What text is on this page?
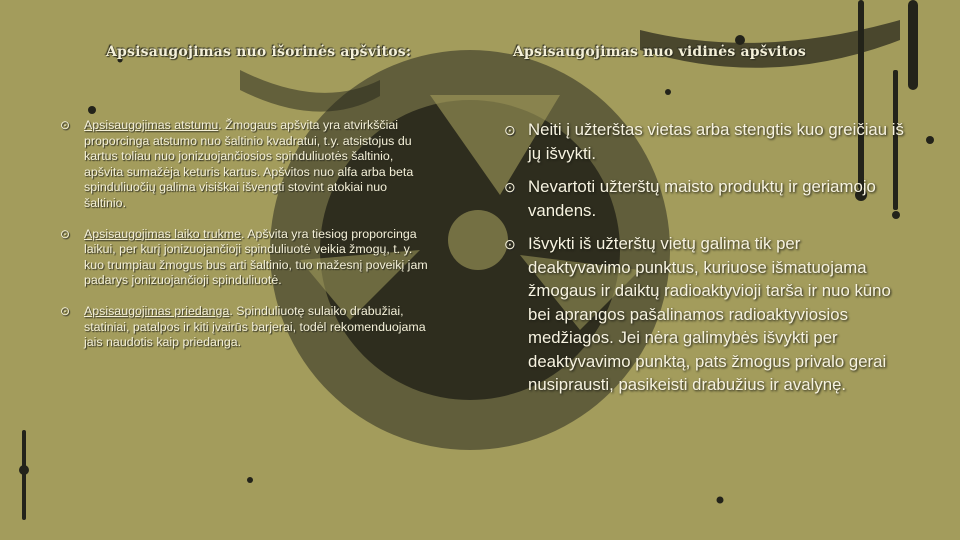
Apsisaugojimas nuo išorinės apšvitos:	Apsisaugojimas nuo vidinės apšvitos
⊙ Apsisaugojimas atstumu. Žmogaus apšvita yra atvirkščiai proporcinga atstumo nuo šaltinio kvadratui, t.y. atsistojus du kartus toliau nuo jonizuojančiosios spinduliuotės šaltinio, apšvita sumažėja keturis kartus. Apšvitos nuo alfa arba beta spinduliuočių galima visiškai išvengti stovint atokiai nuo šaltinio.
⊙ Apsisaugojimas laiko trukme. Apšvita yra tiesiog proporcinga laikui, per kurį jonizuojančioji spinduliuotė veikia žmogų, t. y. kuo trumpiau žmogus bus arti šaltinio, tuo mažesnį poveikį jam padarys jonizuojančioji spinduliuotė.
⊙ Apsisaugojimas priedanga. Spinduliuotę sulaiko drabužiai, statiniai, patalpos ir kiti įvairūs barjerai, todėl rekomenduojama jais naudotis kaip priedanga.
⊙ Neiti į užterštas vietas arba stengtis kuo greičiau iš jų išvykti.
⊙ Nevartoti užterštų maisto produktų ir geriamojo vandens.
⊙ Išvykti iš užterštų vietų galima tik per deaktyvavimo punktus, kuriuose išmatuojama žmogaus ir daiktų radioaktyvioji tarša ir nuo kūno bei aprangos pašalinamos radioaktyviosios medžiagos. Jei nėra galimybės išvykti per deaktyvavimo punktą, pats žmogus privalo gerai nusiprausti, pasikeisti drabužius ir avalynę.
